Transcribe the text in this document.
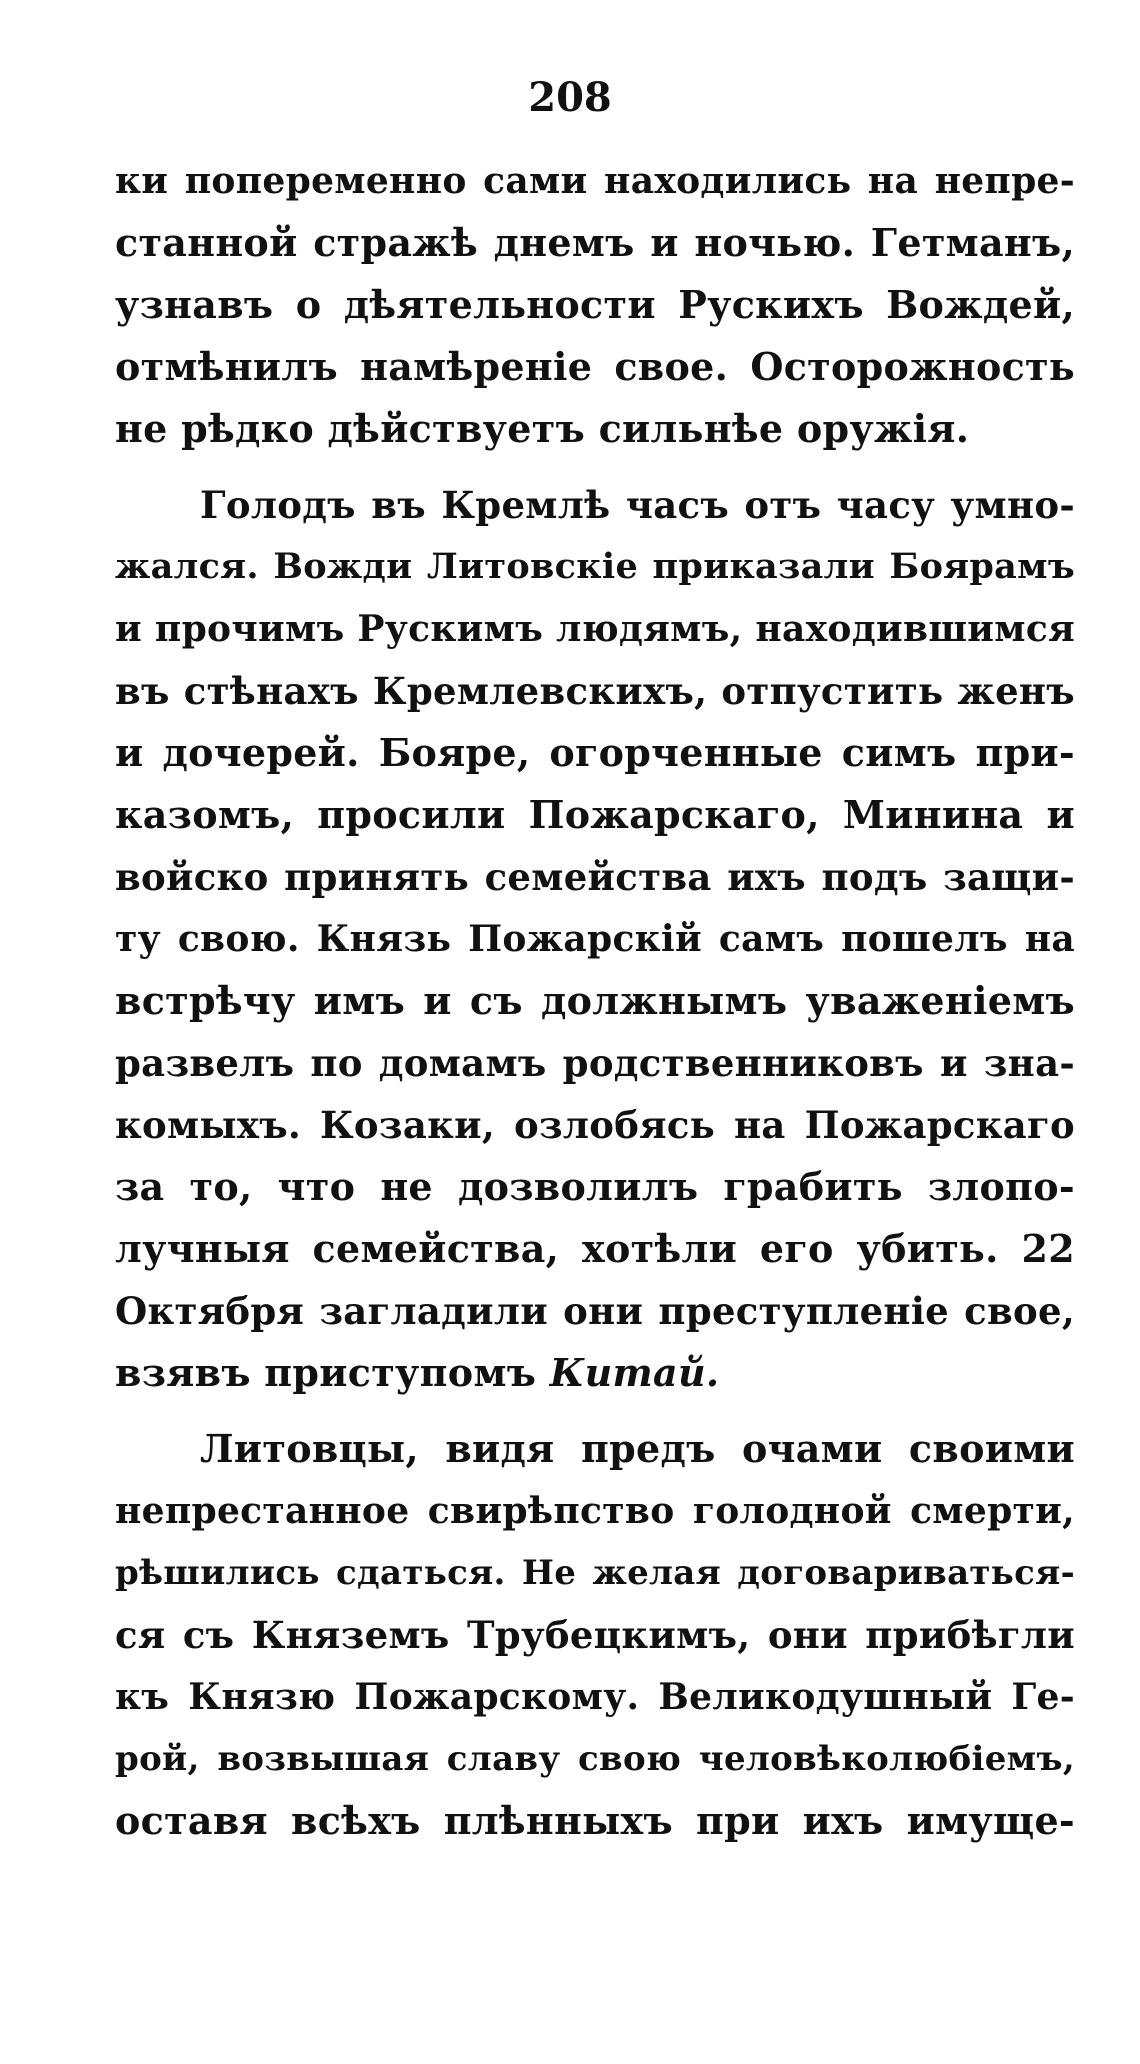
208
ки попеременно сами находились на непре-
станной стражѣ днемъ и ночью. Гетманъ,
узнавъ о дѣятельности Рускихъ Вождей,
отмѣнилъ намѣреніе свое. Осторожность
не рѣдко дѣйствуетъ сильнѣе оружія.
Голодъ въ Кремлѣ часъ отъ часу умно-
жался. Вожди Литовскіе приказали Боярамъ
и прочимъ Рускимъ людямъ, находившимся
въ стѣнахъ Кремлевскихъ, отпустить женъ
и дочерей. Бояре, огорченные симъ при-
казомъ, просили Пожарскаго, Минина и
войско принять семейства ихъ подъ защи-
ту свою. Князь Пожарскій самъ пошелъ на
встрѣчу имъ и съ должнымъ уваженіемъ
развелъ по домамъ родственниковъ и зна-
комыхъ. Козаки, озлобясь на Пожарскаго
за то, что не дозволилъ грабить злопо-
лучныя семейства, хотѣли его убить. 22
Октября загладили они преступленіе свое,
взявъ приступомъ Китай.
Литовцы, видя предъ очами своими
непрестанное свирѣпство голодной смерти,
рѣшились сдаться. Не желая договариваться-
ся съ Княземъ Трубецкимъ, они прибѣгли
къ Князю Пожарскому. Великодушный Ге-
рой, возвышая славу свою человѣколюбіемъ,
оставя всѣхъ плѣнныхъ при ихъ имуще-
